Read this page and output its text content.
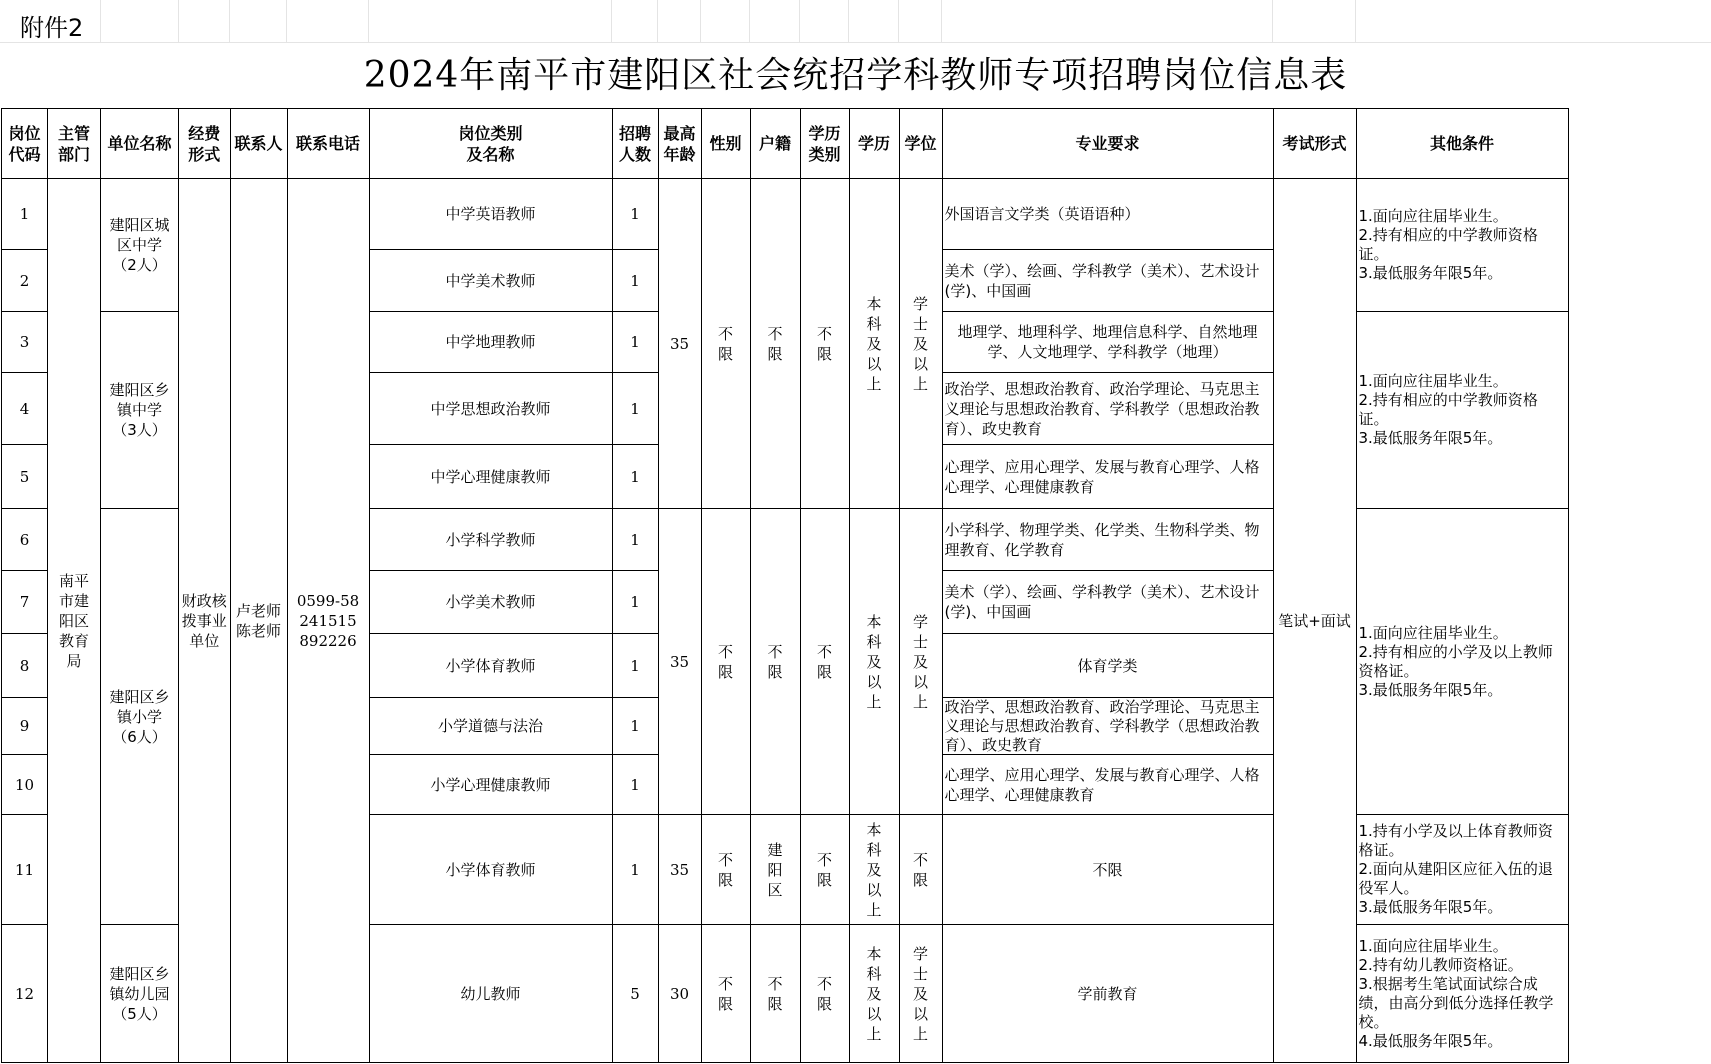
附件2
2024年南平市建阳区社会统招学科教师专项招聘岗位信息表
岗位代码	主管部门	单位名称	经费形式	联系人	联系电话	岗位类别及名称	招聘人数	最高年龄	性别	户籍	学历类别	学历	学位	专业要求	考试形式	其他条件
1	南平市建阳区教育局	建阳区城区中学（2人）	财政核拨事业单位	卢老师陈老师	0599-58241515892226	中学英语教师	1	35	不限	不限	不限	本科及以上	学士及以上	外国语言文学类（英语语种）	笔试+面试	1.面向应往届毕业生。
2.持有相应的中学教师资格证。
3.最低服务年限5年。

2						中学美术教师	1							美术（学）、绘画、学科教学（美术）、艺术设计(学)、中国画		
3		建阳区乡镇中学（3人）				中学地理教师	1							地理学、地理科学、地理信息科学、自然地理学、人文地理学、学科教学（地理）		1.面向应往届毕业生。
2.持有相应的中学教师资格证。
3.最低服务年限5年。

4						中学思想政治教师	1							政治学、思想政治教育、政治学理论、马克思主义理论与思想政治教育、学科教学（思想政治教育）、政史教育		
5						中学心理健康教师	1							心理学、应用心理学、发展与教育心理学、人格心理学、心理健康教育		
6		建阳区乡镇小学（6人）				小学科学教师	1	35	不限	不限	不限	本科及以上	学士及以上	小学科学、物理学类、化学类、生物科学类、物理教育、化学教育		1.面向应往届毕业生。
2.持有相应的小学及以上教师资格证。
3.最低服务年限5年。

7						小学美术教师	1							美术（学）、绘画、学科教学（美术）、艺术设计(学)、中国画		
8						小学体育教师	1							体育学类		
9						小学道德与法治	1							政治学、思想政治教育、政治学理论、马克思主义理论与思想政治教育、学科教学（思想政治教育）、政史教育		

10						小学心理健康教师	1							心理学、应用心理学、发展与教育心理学、人格心理学、心理健康教育		
11						小学体育教师	1	35	不限	建阳区	不限	本科及以上	不限	不限		1.持有小学及以上体育教师资格证。
2.面向从建阳区应征入伍的退役军人。
3.最低服务年限5年。

12		建阳区乡镇幼儿园（5人）				幼儿教师	5	30	不限	不限	不限	本科及以上	学士及以上	学前教育		1.面向应往届毕业生。
2.持有幼儿教师资格证。
3.根据考生笔试面试综合成绩，由高分到低分选择任教学校。
4.最低服务年限5年。
